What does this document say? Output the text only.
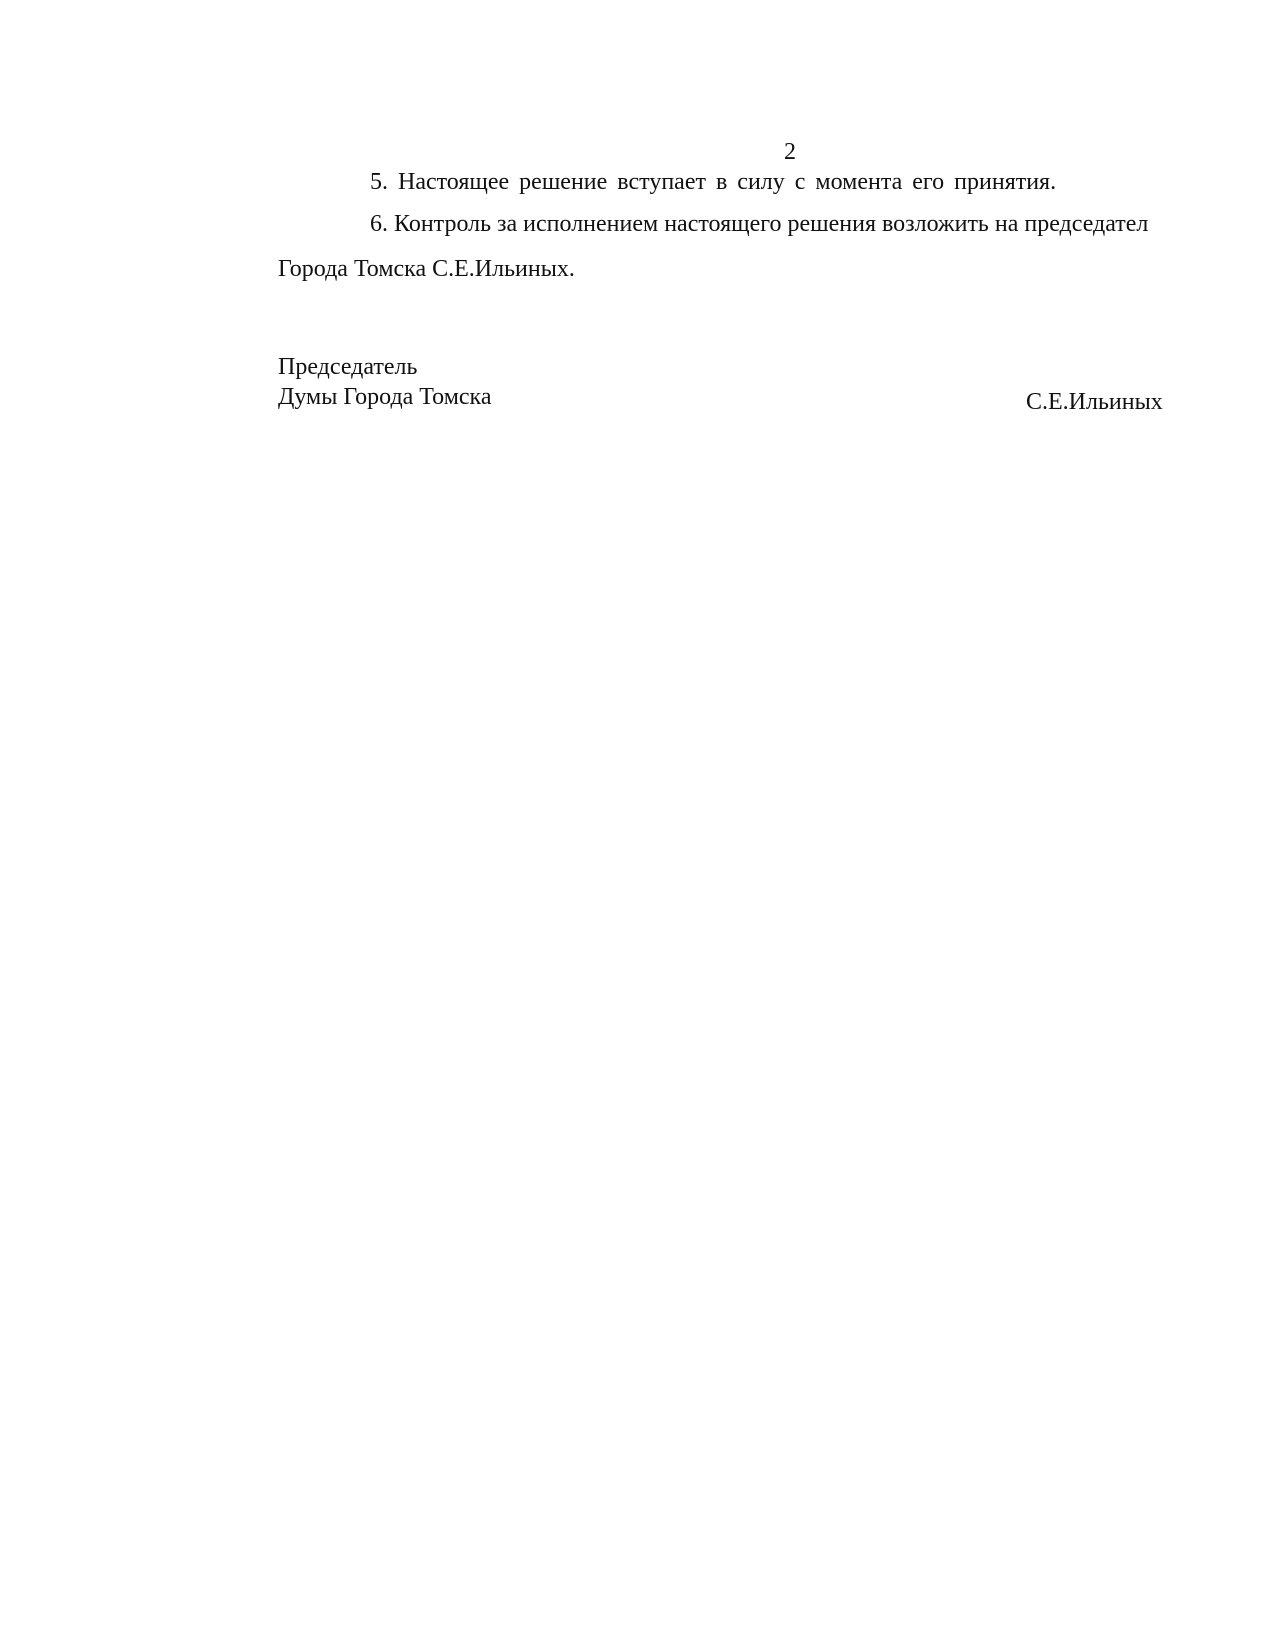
2
5. Настоящее решение вступает в силу с момента его принятия.
6. Контроль за исполнением настоящего решения возложить на председател
Города Томска С.Е.Ильиных.
Председатель
Думы Города Томска	С.Е.Ильиных
